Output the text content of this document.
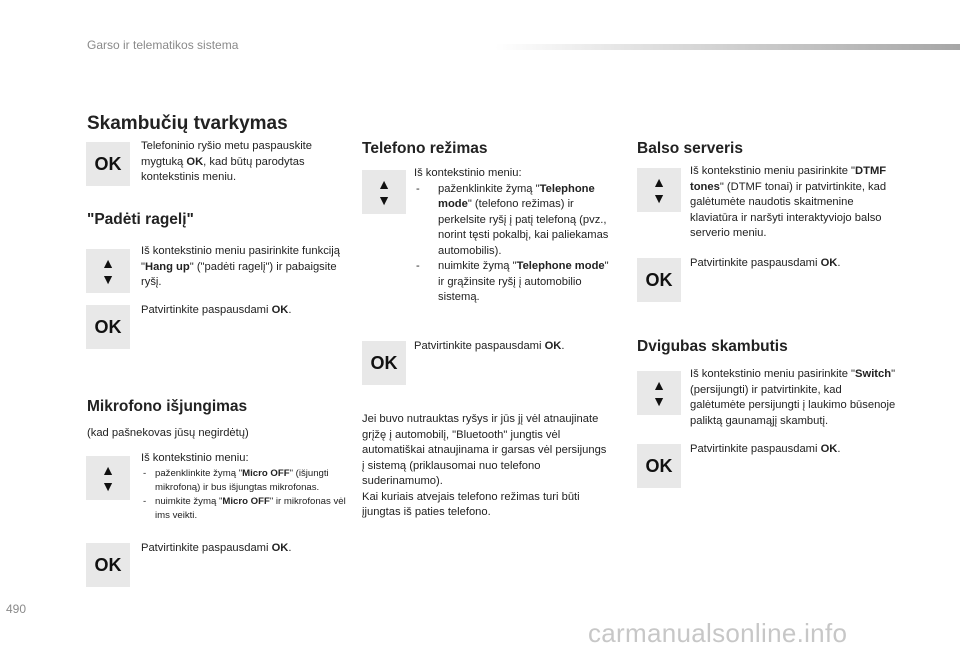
Garso ir telematikos sistema
Skambučių tvarkymas
OK

Telefoninio ryšio metu paspauskite mygtuką OK, kad būtų parodytas kontekstinis meniu.

"Padėti ragelį"
▲
▼

Iš kontekstinio meniu pasirinkite funkciją "Hang up" ("padėti ragelį") ir pabaigsite ryšį.

OK

Patvirtinkite paspausdami OK.

Mikrofono išjungimas
(kad pašnekovas jūsų negirdėtų)
▲
▼

Iš kontekstinio meniu:

- paženklinkite žymą "Micro OFF" (išjungti mikrofoną) ir bus išjungtas mikrofonas.
- nuimkite žymą "Micro OFF" ir mikrofonas vėl ims veikti.
OK

Patvirtinkite paspausdami OK.

Telefono režimas
▲
▼

Iš kontekstinio meniu:

- paženklinkite žymą "Telephone mode" (telefono režimas) ir perkelsite ryšį į patį telefoną (pvz., norint tęsti pokalbį, kai paliekamas automobilis).
- nuimkite žymą "Telephone mode" ir grąžinsite ryšį į automobilio sistemą.
OK

Patvirtinkite paspausdami OK.

Jei buvo nutrauktas ryšys ir jūs jį vėl atnaujinate grįžę į automobilį, "Bluetooth" jungtis vėl automatiškai atnaujinama ir garsas vėl persijungs į sistemą (priklausomai nuo telefono suderinamumo).

Kai kuriais atvejais telefono režimas turi būti įjungtas iš paties telefono.

Balso serveris
▲
▼

Iš kontekstinio meniu pasirinkite "DTMF tones" (DTMF tonai) ir patvirtinkite, kad galėtumėte naudotis skaitmenine klaviatūra ir naršyti interaktyviojo balso serverio meniu.

OK

Patvirtinkite paspausdami OK.

Dvigubas skambutis
▲
▼

Iš kontekstinio meniu pasirinkite "Switch" (persijungti) ir patvirtinkite, kad galėtumėte persijungti į laukimo būsenoje paliktą gaunamąjį skambutį.

OK

Patvirtinkite paspausdami OK.

490
carmanualsonline.info
